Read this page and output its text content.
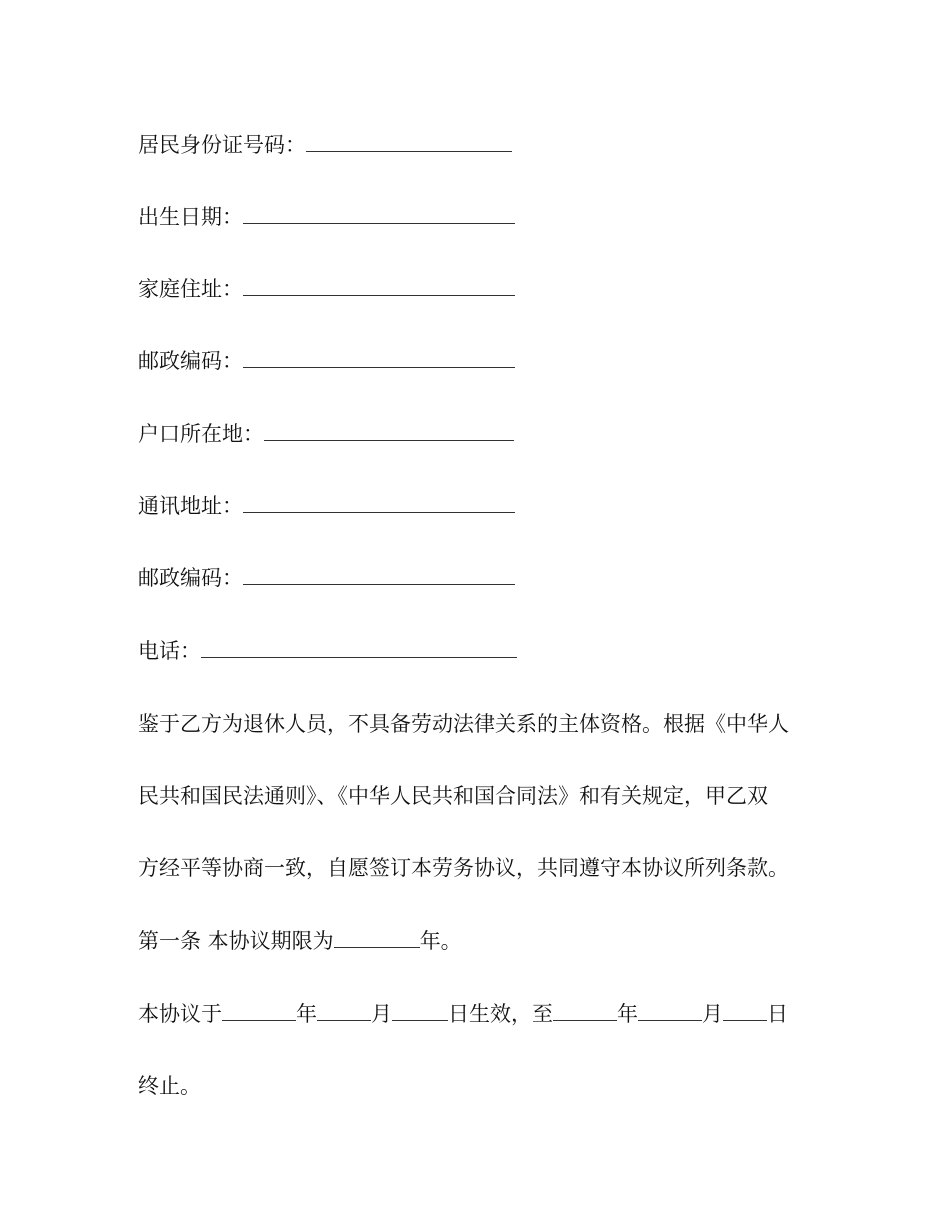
居民身份证号码：
出生日期：
家庭住址：
邮政编码：
户口所在地：
通讯地址：
邮政编码：
电话：
鉴于乙方为退休人员，不具备劳动法律关系的主体资格。根据《中华人
民共和国民法通则》、《中华人民共和国合同法》和有关规定，甲乙双
方经平等协商一致，自愿签订本劳务协议，共同遵守本协议所列条款。
第一条 本协议期限为	年。
本协议于	年	月	日生效，至	年	月 日
终止。
